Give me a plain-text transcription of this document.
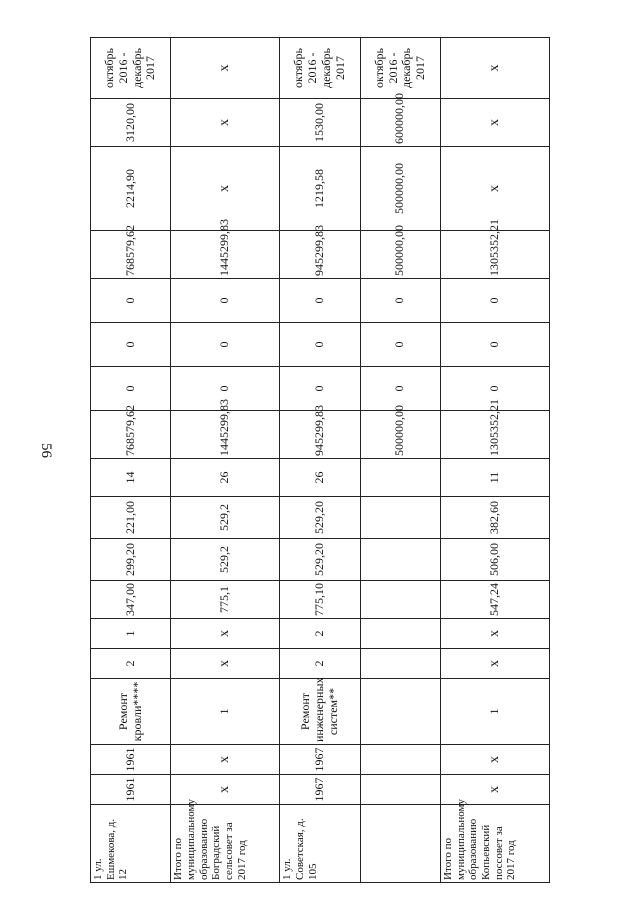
56
1 ул. Ешмекова, д. 12	1961	1961	Ремонт кровли****	2	1	347,00	299,20	221,00	14	768579,62	0	0	0	768579,62	2214,90	3120,00	октябрь 2016 - декабрь 2017
Итого по муниципальному образованию Боградский сельсовет за 2017 год	х	х	1	х	х	775,1	529,2	529,2	26	1445299,83	0	0	0	1445299,83	х	х	х
1 ул. Советская, д. 105	1967	1967	Ремонт инженерных систем**	2	2	775,10	529,20	529,20	26	945299,83	0	0	0	945299,83	1219,58	1530,00	октябрь 2016 - декабрь 2017
										500000,00	0	0	0	500000,00	500000,00	600000,00	октябрь 2016 - декабрь 2017
Итого по муниципальному образованию Копьевский поссовет за 2017 год	х	х	1	х	х	547,24	506,00	382,60	11	1305352,21	0	0	0	1305352,21	х	х	х
